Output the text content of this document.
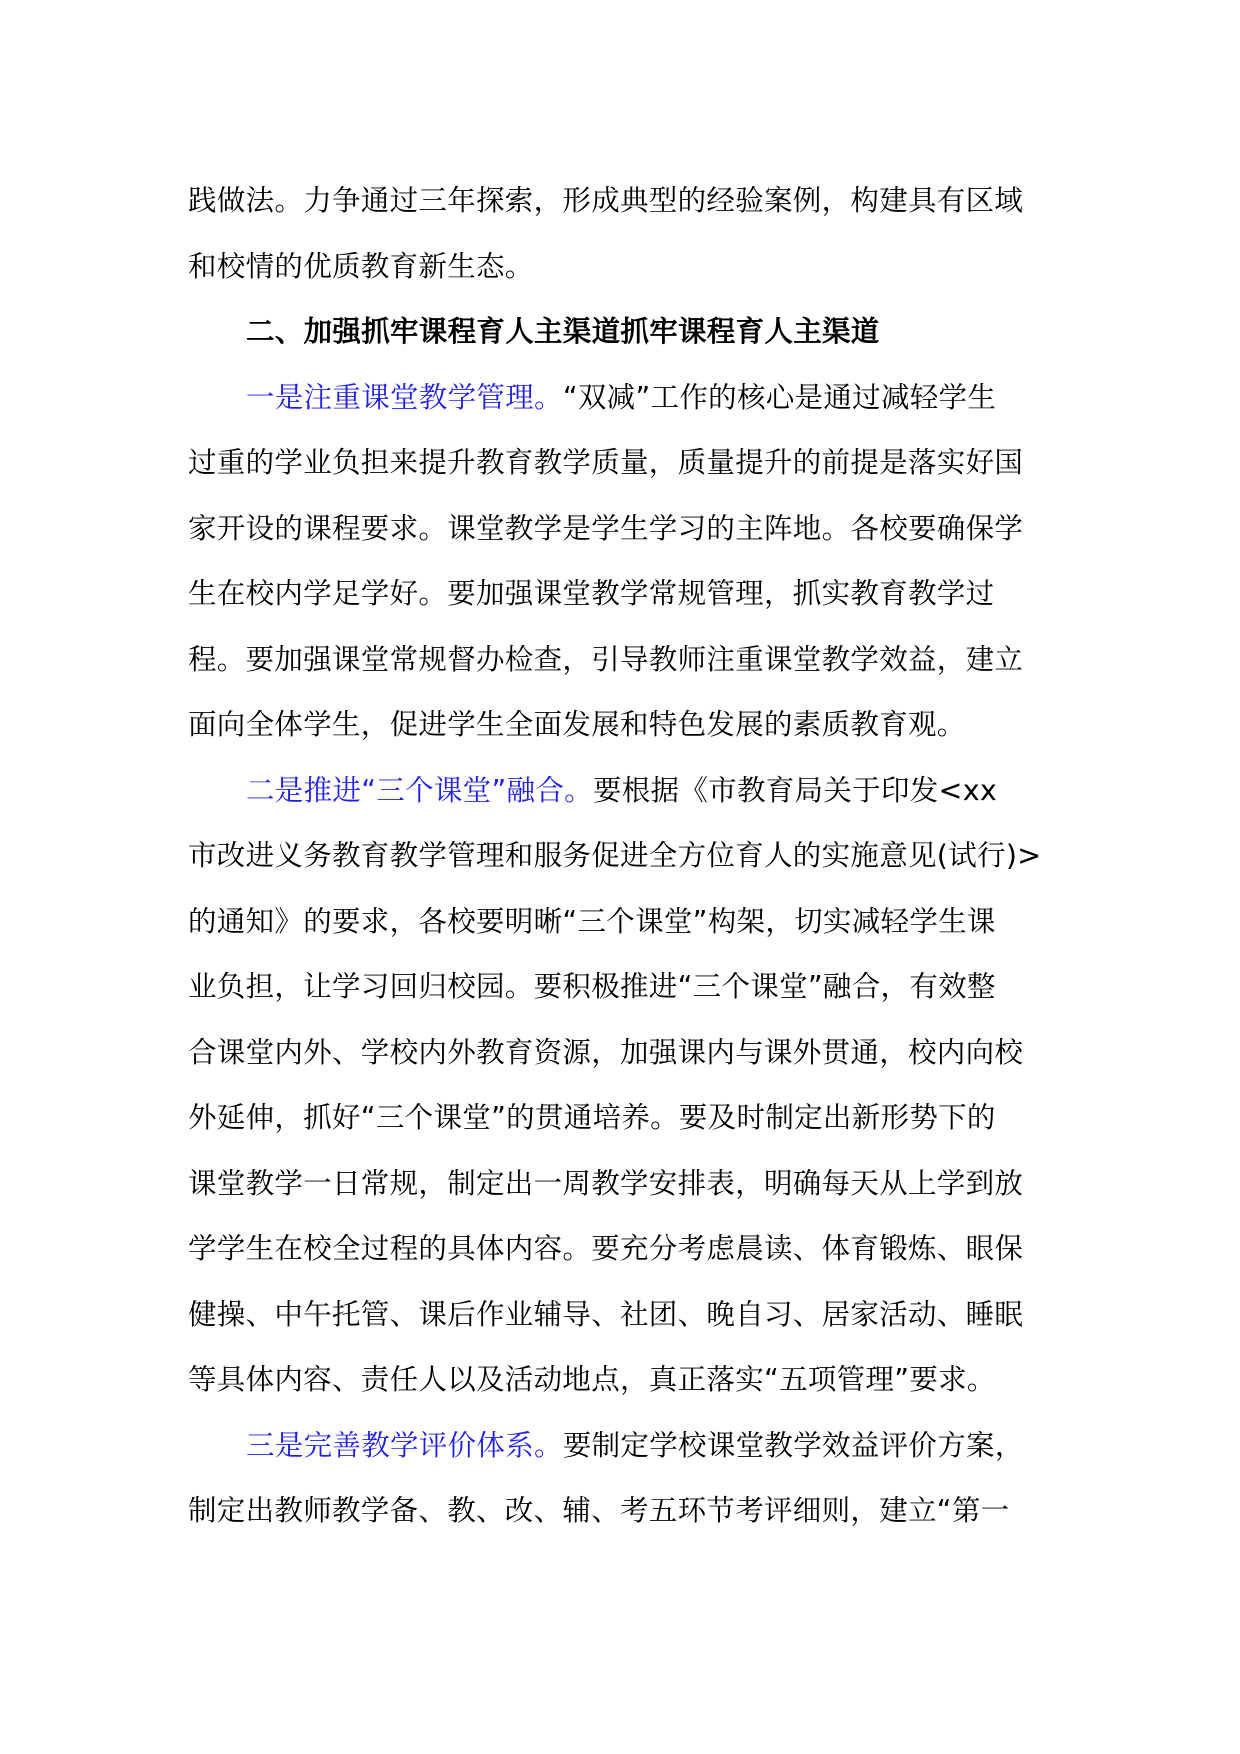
践做法。力争通过三年探索，形成典型的经验案例，构建具有区域
和校情的优质教育新生态。
二、加强抓牢课程育人主渠道抓牢课程育人主渠道
一是注重课堂教学管理。“双减”工作的核心是通过减轻学生
过重的学业负担来提升教育教学质量，质量提升的前提是落实好国
家开设的课程要求。课堂教学是学生学习的主阵地。各校要确保学
生在校内学足学好。要加强课堂教学常规管理，抓实教育教学过
程。要加强课堂常规督办检查，引导教师注重课堂教学效益，建立
面向全体学生，促进学生全面发展和特色发展的素质教育观。
二是推进“三个课堂”融合。要根据《市教育局关于印发<xx
市改进义务教育教学管理和服务促进全方位育人的实施意见(试行)>
的通知》的要求，各校要明晰“三个课堂”构架，切实减轻学生课
业负担，让学习回归校园。要积极推进“三个课堂”融合，有效整
合课堂内外、学校内外教育资源，加强课内与课外贯通，校内向校
外延伸，抓好“三个课堂”的贯通培养。要及时制定出新形势下的
课堂教学一日常规，制定出一周教学安排表，明确每天从上学到放
学学生在校全过程的具体内容。要充分考虑晨读、体育锻炼、眼保
健操、中午托管、课后作业辅导、社团、晚自习、居家活动、睡眠
等具体内容、责任人以及活动地点，真正落实“五项管理”要求。
三是完善教学评价体系。要制定学校课堂教学效益评价方案，
制定出教师教学备、教、改、辅、考五环节考评细则，建立“第一
